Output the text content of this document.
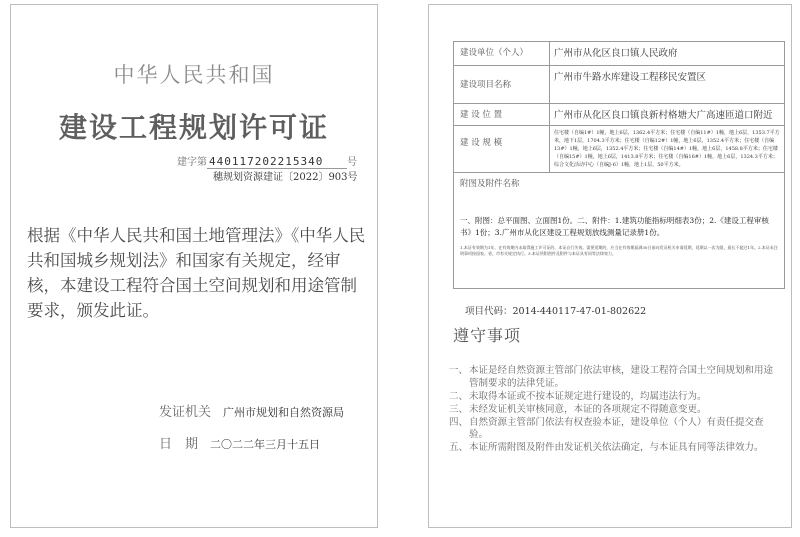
中华人民共和国
建设工程规划许可证
建字第 440117202215340 号
穗规划资源建证〔2022〕903号
根据《中华人民共和国土地管理法》《中华人民共和国城乡规划法》和国家有关规定，经审核，本建设工程符合国土空间规划和用途管制要求，颁发此证。
发证机关 广州市规划和自然资源局
日　期 二〇二二年三月十五日
建设单位（个人）	广州市从化区良口镇人民政府
建设项目名称	广州市牛路水库建设工程移民安置区
建 设 位 置	广州市从化区良口镇良新村格塘大广高速匝道口附近
建 设 规 模	住宅楼（自编1#）1幢，地上6层，1362.4平方米；住宅楼（自编11#）1幢，地上6层，1353.7平方米，地下1层，1704.3平方米；住宅楼（自编12#）1幢，地上6层，1352.4平方米；住宅楼（自编13#）1幢，地上6层，1352.4平方米；住宅楼（自编14#）1幢，地上6层，1458.8平方米；住宅楼（自编15#）1幢，地上6层，1413.8平方米；住宅楼（自编16#）1幢，地上6层，1324.3平方米；综合文化活动中心（自编J-6）1幢，地上1层，50平方米。

附图及附件名称
一、附图：总平面图、立面图1份。二、附件：1.建筑功能指标明细表3份；2.《建设工程审核书》1份；3.广州市从化区建设工程规划放线测量记录册1份。
1.本证有效期为1年，在有效期内未取得施工许可证的，本证自行失效。需要延期的，应当在有效期届满30日前向发证机关申请延期，延期以一次为限，最长不超过1年。2.本证未注明事项按国家、省、市有关规定执行。3.本证所附图件及附件与本证具有同等法律效力。	
项目代码：2014-440117-47-01-802622
遵守事项
一、本证是经自然资源主管部门依法审核，建设工程符合国土空间规划和用途管制要求的法律凭证。
二、未取得本证或不按本证规定进行建设的，均属违法行为。
三、未经发证机关审核同意，本证的各项规定不得随意变更。
四、自然资源主管部门依法有权查验本证，建设单位（个人）有责任提交查验。
五、本证所需附图及附件由发证机关依法确定，与本证具有同等法律效力。
